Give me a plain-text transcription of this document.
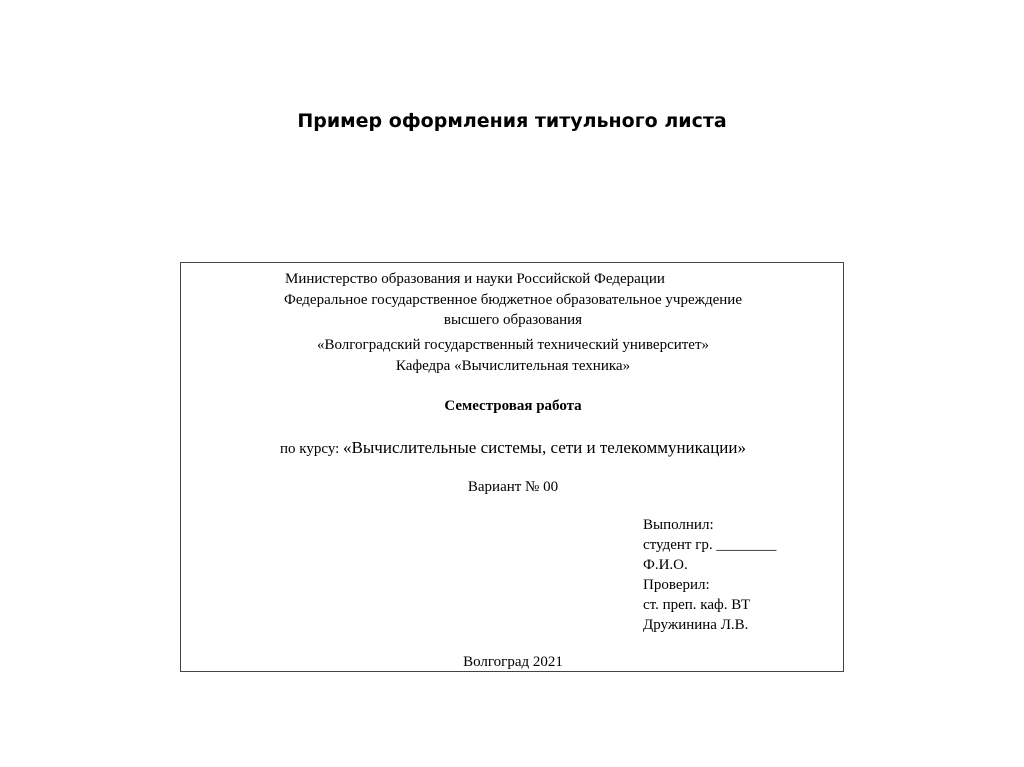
Пример оформления титульного листа
Министерство образования и науки Российской Федерации
Федеральное государственное бюджетное образовательное учреждение
высшего образования
«Волгоградский государственный технический университет»
Кафедра «Вычислительная техника»
Семестровая работа
по курсу: «Вычислительные системы, сети и телекоммуникации»
Вариант № 00
Выполнил:
студент гр. ________
Ф.И.О.
Проверил:
ст. преп. каф. ВТ
Дружинина Л.В.
Волгоград 2021
